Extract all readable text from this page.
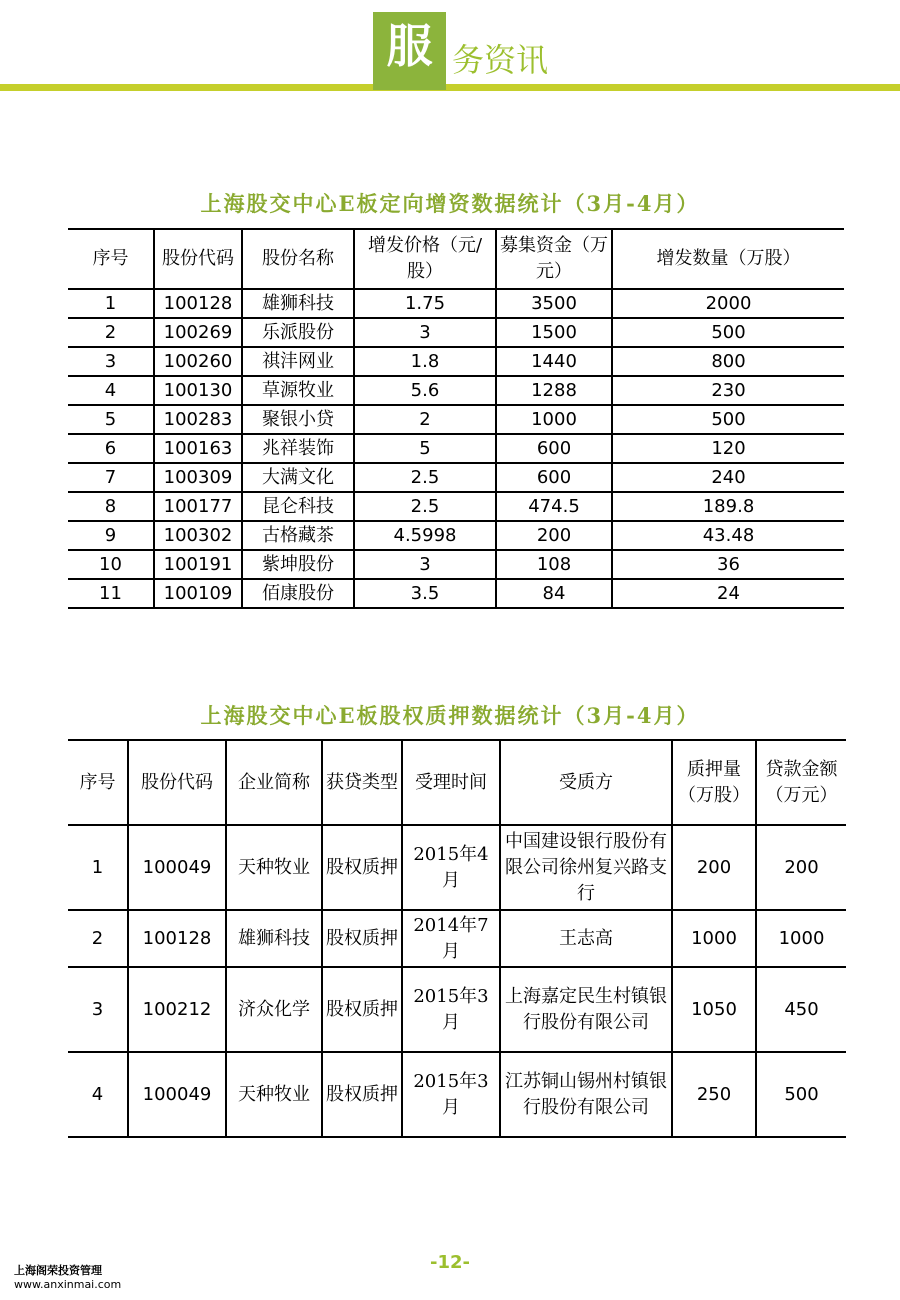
服 务资讯
上海股交中心E板定向增资数据统计（3月-4月）
序号	股份代码	股份名称	增发价格（元/股）	募集资金（万元）	增发数量（万股）
1	100128	雄狮科技	1.75	3500	2000
2	100269	乐派股份	3	1500	500
3	100260	祺沣网业	1.8	1440	800
4	100130	草源牧业	5.6	1288	230
5	100283	聚银小贷	2	1000	500
6	100163	兆祥装饰	5	600	120
7	100309	大满文化	2.5	600	240
8	100177	昆仑科技	2.5	474.5	189.8
9	100302	古格藏茶	4.5998	200	43.48
10	100191	紫坤股份	3	108	36
11	100109	佰康股份	3.5	84	24
上海股交中心E板股权质押数据统计（3月-4月）
序号	股份代码	企业简称	获贷类型	受理时间	受质方	质押量（万股）	贷款金额（万元）
1	100049	天种牧业	股权质押	2015年4月	中国建设银行股份有限公司徐州复兴路支行	200	200
2	100128	雄狮科技	股权质押	2014年7月	王志高	1000	1000
3	100212	济众化学	股权质押	2015年3月	上海嘉定民生村镇银行股份有限公司	1050	450
4	100049	天种牧业	股权质押	2015年3月	江苏铜山锡州村镇银行股份有限公司	250	500
-12-
上海阁荣投资管理
www.anxinmai.com
